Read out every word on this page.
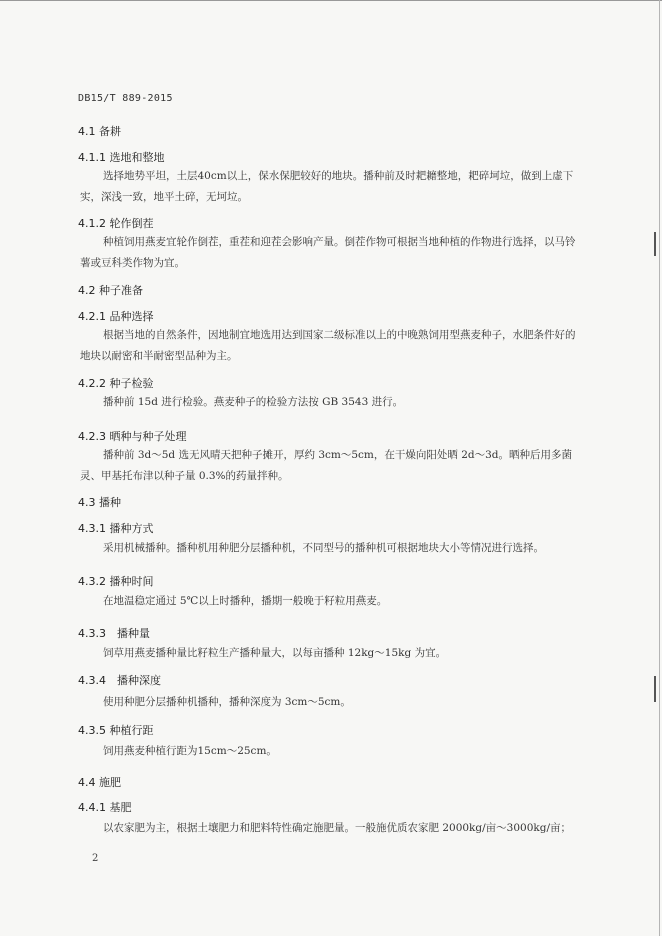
DB15/T 889-2015
4.1 备耕
4.1.1 选地和整地
选择地势平坦，土层40cm以上，保水保肥较好的地块。播种前及时耙耱整地，耙碎坷垃，做到上虚下实，深浅一致，地平土碎，无坷垃。
4.1.2 轮作倒茬
种植饲用燕麦宜轮作倒茬，重茬和迎茬会影响产量。倒茬作物可根据当地种植的作物进行选择，以马铃薯或豆科类作物为宜。
4.2 种子准备
4.2.1 品种选择
根据当地的自然条件，因地制宜地选用达到国家二级标准以上的中晚熟饲用型燕麦种子，水肥条件好的地块以耐密和半耐密型品种为主。
4.2.2 种子检验
播种前 15d 进行检验。燕麦种子的检验方法按 GB 3543 进行。
4.2.3 晒种与种子处理
播种前 3d～5d 选无风晴天把种子摊开，厚约 3cm～5cm，在干燥向阳处晒 2d～3d。晒种后用多菌灵、甲基托布津以种子量 0.3%的药量拌种。
4.3 播种
4.3.1 播种方式
采用机械播种。播种机用种肥分层播种机，不同型号的播种机可根据地块大小等情况进行选择。
4.3.2 播种时间
在地温稳定通过 5℃以上时播种，播期一般晚于籽粒用燕麦。
4.3.3　播种量
饲草用燕麦播种量比籽粒生产播种量大，以每亩播种 12kg～15kg 为宜。
4.3.4　播种深度
使用种肥分层播种机播种，播种深度为 3cm～5cm。
4.3.5 种植行距
饲用燕麦种植行距为15cm～25cm。
4.4 施肥
4.4.1 基肥
以农家肥为主，根据土壤肥力和肥料特性确定施肥量。一般施优质农家肥 2000kg/亩～3000kg/亩；
2
